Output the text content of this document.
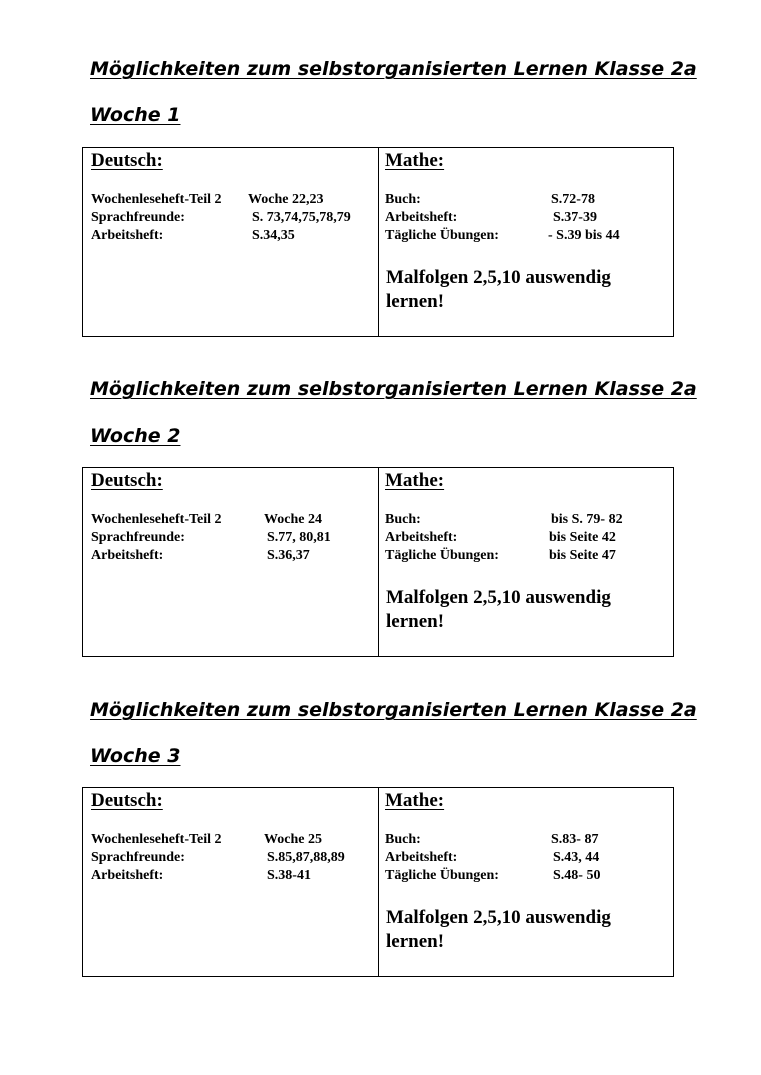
Möglichkeiten zum selbstorganisierten Lernen Klasse 2a
Woche 1
Deutsch:
Wochenleseheft-Teil 2 Woche 22,23
Sprachfreunde:	S. 73,74,75,78,79
Arbeitsheft:	S.34,35
Mathe:
Buch:	S.72-78
Arbeitsheft:	S.37-39
Tägliche Übungen:	- S.39 bis 44
Malfolgen 2,5,10 auswendig
lernen!
Möglichkeiten zum selbstorganisierten Lernen Klasse 2a
Woche 2
Deutsch:
Wochenleseheft-Teil 2	Woche 24
Sprachfreunde:	S.77, 80,81
Arbeitsheft:	S.36,37
Mathe:
Buch:	bis S. 79- 82
Arbeitsheft:	bis Seite 42
Tägliche Übungen:	bis Seite 47
Malfolgen 2,5,10 auswendig
lernen!
Möglichkeiten zum selbstorganisierten Lernen Klasse 2a
Woche 3
Deutsch:
Wochenleseheft-Teil 2	Woche 25
Sprachfreunde:	S.85,87,88,89
Arbeitsheft:	S.38-41
Mathe:
Buch:	S.83- 87
Arbeitsheft:	S.43, 44
Tägliche Übungen:	S.48- 50
Malfolgen 2,5,10 auswendig
lernen!
